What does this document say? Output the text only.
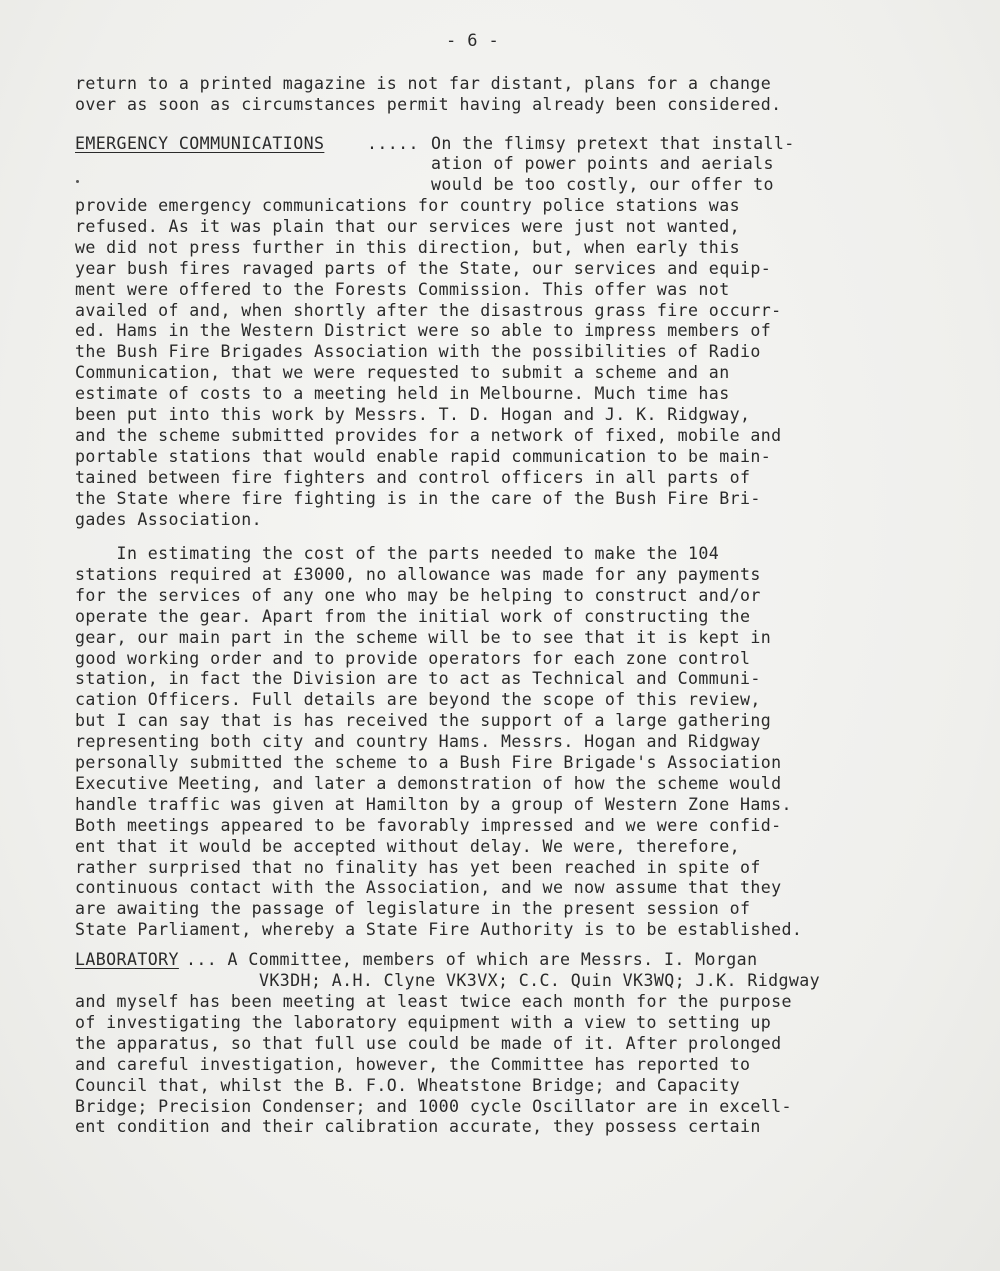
- 6 -
return to a printed magazine is not far distant, plans for a change
over as soon as circumstances permit having already been considered.
EMERGENCY COMMUNICATIONS	..... On the flimsy pretext that install-
ation of power points and aerials
would be too costly, our offer to
provide emergency communications for country police stations was
refused. As it was plain that our services were just not wanted,
we did not press further in this direction, but, when early this
year bush fires ravaged parts of the State, our services and equip-
ment were offered to the Forests Commission. This offer was not
availed of and, when shortly after the disastrous grass fire occurr-
ed. Hams in the Western District were so able to impress members of
the Bush Fire Brigades Association with the possibilities of Radio
Communication, that we were requested to submit a scheme and an
estimate of costs to a meeting held in Melbourne. Much time has
been put into this work by Messrs. T. D. Hogan and J. K. Ridgway,
and the scheme submitted provides for a network of fixed, mobile and
portable stations that would enable rapid communication to be main-
tained between fire fighters and control officers in all parts of
the State where fire fighting is in the care of the Bush Fire Bri-
gades Association.
In estimating the cost of the parts needed to make the 104
stations required at £3000, no allowance was made for any payments
for the services of any one who may be helping to construct and/or
operate the gear. Apart from the initial work of constructing the
gear, our main part in the scheme will be to see that it is kept in
good working order and to provide operators for each zone control
station, in fact the Division are to act as Technical and Communi-
cation Officers. Full details are beyond the scope of this review,
but I can say that is has received the support of a large gathering
representing both city and country Hams. Messrs. Hogan and Ridgway
personally submitted the scheme to a Bush Fire Brigade's Association
Executive Meeting, and later a demonstration of how the scheme would
handle traffic was given at Hamilton by a group of Western Zone Hams.
Both meetings appeared to be favorably impressed and we were confid-
ent that it would be accepted without delay. We were, therefore,
rather surprised that no finality has yet been reached in spite of
continuous contact with the Association, and we now assume that they
are awaiting the passage of legislature in the present session of
State Parliament, whereby a State Fire Authority is to be established.
LABORATORY ... A Committee, members of which are Messrs. I. Morgan
VK3DH; A.H. Clyne VK3VX; C.C. Quin VK3WQ; J.K. Ridgway
and myself has been meeting at least twice each month for the purpose
of investigating the laboratory equipment with a view to setting up
the apparatus, so that full use could be made of it. After prolonged
and careful investigation, however, the Committee has reported to
Council that, whilst the B. F.O. Wheatstone Bridge; and Capacity
Bridge; Precision Condenser; and 1000 cycle Oscillator are in excell-
ent condition and their calibration accurate, they possess certain
